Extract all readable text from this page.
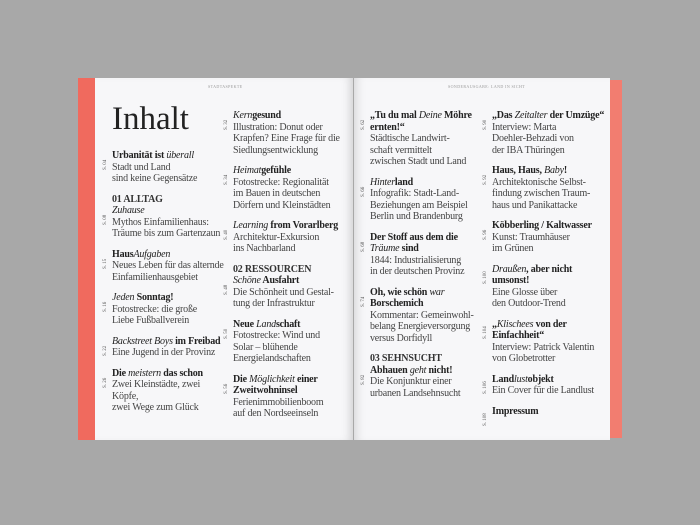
STADTASPEKTE	SONDERAUSGABE: LAND IN SICHT
Inhalt
S. 04
Urbanität ist überall
Stadt und Land
sind keine Gegensätze
01 ALLTAG
S. 08
Zuhause
Mythos Einfamilienhaus:
Träume bis zum Gartenzaun
S. 15
HausAufgaben
Neues Leben für das alternde
Einfamilienhausgebiet
S. 16
Jeden Sonntag!
Fotostrecke: die große
Liebe Fußballverein
S. 22
Backstreet Boys im Freibad
Eine Jugend in der Provinz
S. 26
Die meistern das schon
Zwei Kleinstädte, zwei Köpfe,
zwei Wege zum Glück
S. 32
Kerngesund
Illustration: Donut oder
Krapfen? Eine Frage für die
Siedlungsentwicklung
S. 34
Heimatgefühle
Fotostrecke: Regionalität
im Bauen in deutschen
Dörfern und Kleinstädten
S. 40
Learning from Vorarlberg
Architektur-Exkursion
ins Nachbarland
02 RESSOURCEN
S. 48
Schöne Ausfahrt
Die Schönheit und Gestal-
tung der Infrastruktur
S. 50
Neue Landschaft
Fotostrecke: Wind und
Solar – blühende
Energielandschaften
S. 56
Die Möglichkeit einer Zweitwohninsel
Ferienimmobilienboom
auf den Nordseeinseln
S. 62
„Tu du mal Deine Möhre ernten!“
Städtische Landwirt-
schaft vermittelt
zwischen Stadt und Land
S. 66
Hinterland
Infografik: Stadt-Land-
Beziehungen am Beispiel
Berlin und Brandenburg
S. 68
Der Stoff aus dem die Träume sind
1844: Industrialisierung
in der deutschen Provinz
S. 74
Oh, wie schön war Borschemich
Kommentar: Gemeinwohl-
belang Energieversorgung
versus Dorfidyll
03 SEHNSUCHT
S. 82
Abhauen geht nicht!
Die Konjunktur einer
urbanen Landsehnsucht
S. 90
„Das Zeitalter der Umzüge“
Interview: Marta
Doehler-Behzadi von
der IBA Thüringen
S. 92
Haus, Haus, Baby!
Architektonische Selbst-
findung zwischen Traum-
haus und Panikattacke
S. 96
Köbberling / Kaltwasser
Kunst: Traumhäuser
im Grünen
S. 100
Draußen, aber nicht umsonst!
Eine Glosse über
den Outdoor-Trend
S. 104
„Klischees von der Einfachheit“
Interview: Patrick Valentin
von Globetrotter
S. 106
Landlustobjekt
Ein Cover für die Landlust
S. 108
Impressum
